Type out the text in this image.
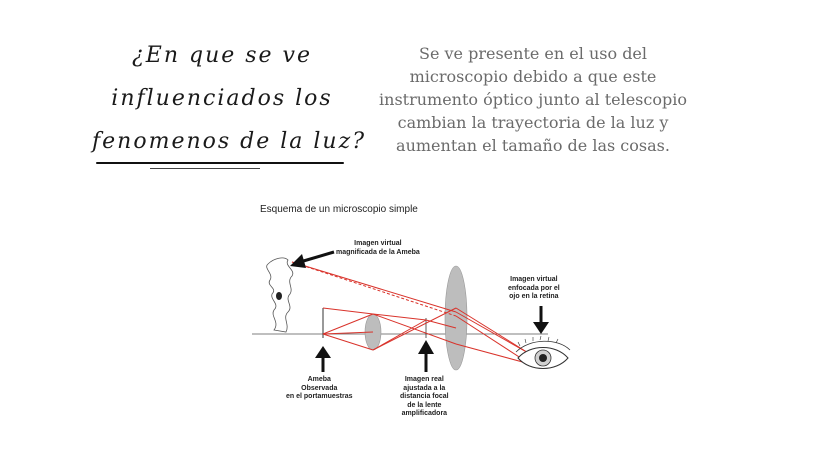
¿En que se ve
influenciados los
fenomenos de la luz?

Se ve presente en el uso del
microscopio debido a que este
instrumento óptico junto al telescopio
cambian la trayectoria de la luz y
aumentan el tamaño de las cosas.

Esquema de un microscopio simple
Imagen virtual
magnificada de la Ameba
Imagen virtual
enfocada por el
ojo en la retina
Ameba
Observada
en el portamuestras
Imagen real
ajustada a la
distancia focal
de la lente
amplificadora
